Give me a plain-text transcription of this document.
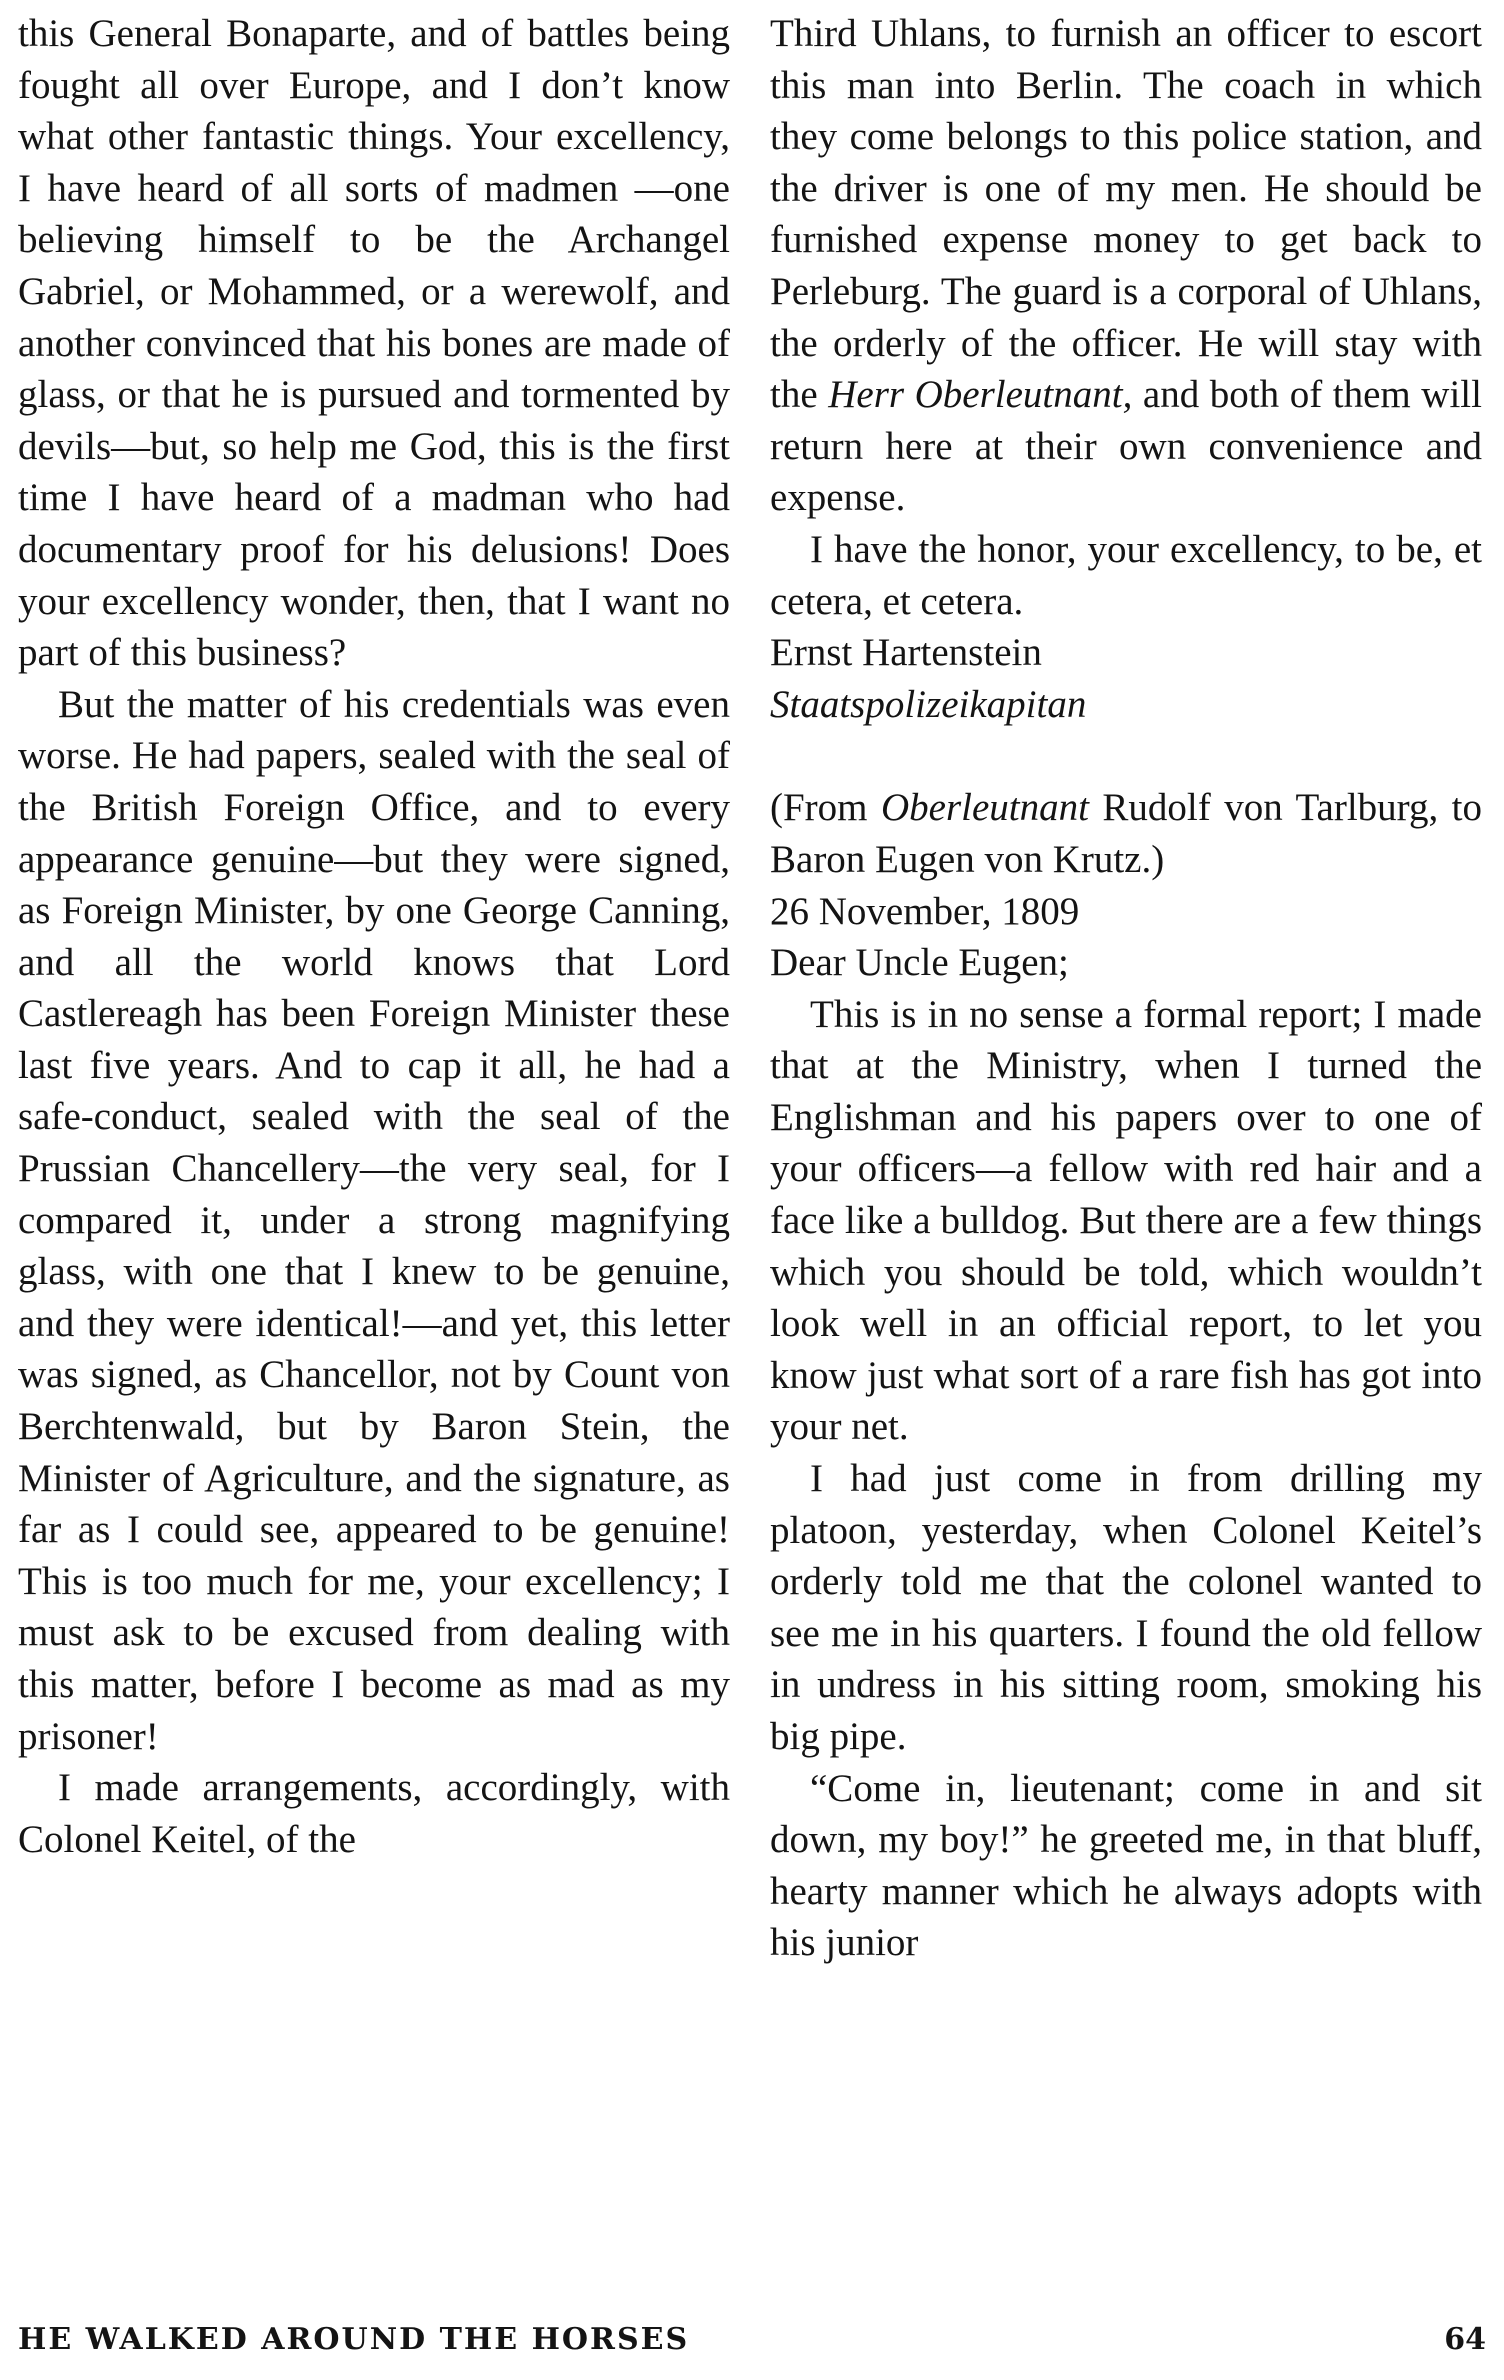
this General Bonaparte, and of battles being fought all over Europe, and I don’t know what other fantastic things. Your excellency, I have heard of all sorts of madmen —one believing himself to be the Archangel Gabriel, or Mohammed, or a werewolf, and another convinced that his bones are made of glass, or that he is pursued and tormented by devils—but, so help me God, this is the first time I have heard of a madman who had documentary proof for his delusions! Does your excellency wonder, then, that I want no part of this business?

But the matter of his credentials was even worse. He had papers, sealed with the seal of the British Foreign Office, and to every appearance genuine—but they were signed, as Foreign Minister, by one George Canning, and all the world knows that Lord Castlereagh has been Foreign Minister these last five years. And to cap it all, he had a safe-conduct, sealed with the seal of the Prussian Chancellery—the very seal, for I compared it, under a strong magnifying glass, with one that I knew to be genuine, and they were identical!—and yet, this letter was signed, as Chancellor, not by Count von Berchtenwald, but by Baron Stein, the Minister of Agriculture, and the signature, as far as I could see, appeared to be genuine! This is too much for me, your excellency; I must ask to be excused from dealing with this matter, before I become as mad as my prisoner!

I made arrangements, accordingly, with Colonel Keitel, of the

Third Uhlans, to furnish an officer to escort this man into Berlin. The coach in which they come belongs to this police station, and the driver is one of my men. He should be furnished expense money to get back to Perleburg. The guard is a corporal of Uhlans, the orderly of the officer. He will stay with the Herr Oberleutnant, and both of them will return here at their own convenience and expense.

I have the honor, your excellency, to be, et cetera, et cetera.

Ernst Hartenstein

Staatspolizeikapitan

(From Oberleutnant Rudolf von Tarlburg, to Baron Eugen von Krutz.)

26 November, 1809

Dear Uncle Eugen;

This is in no sense a formal report; I made that at the Ministry, when I turned the Englishman and his papers over to one of your officers—a fellow with red hair and a face like a bulldog. But there are a few things which you should be told, which wouldn’t look well in an official report, to let you know just what sort of a rare fish has got into your net.

I had just come in from drilling my platoon, yesterday, when Colonel Keitel’s orderly told me that the colonel wanted to see me in his quarters. I found the old fellow in undress in his sitting room, smoking his big pipe.

“Come in, lieutenant; come in and sit down, my boy!” he greeted me, in that bluff, hearty manner which he always adopts with his junior

HE WALKED AROUND THE HORSES	64
